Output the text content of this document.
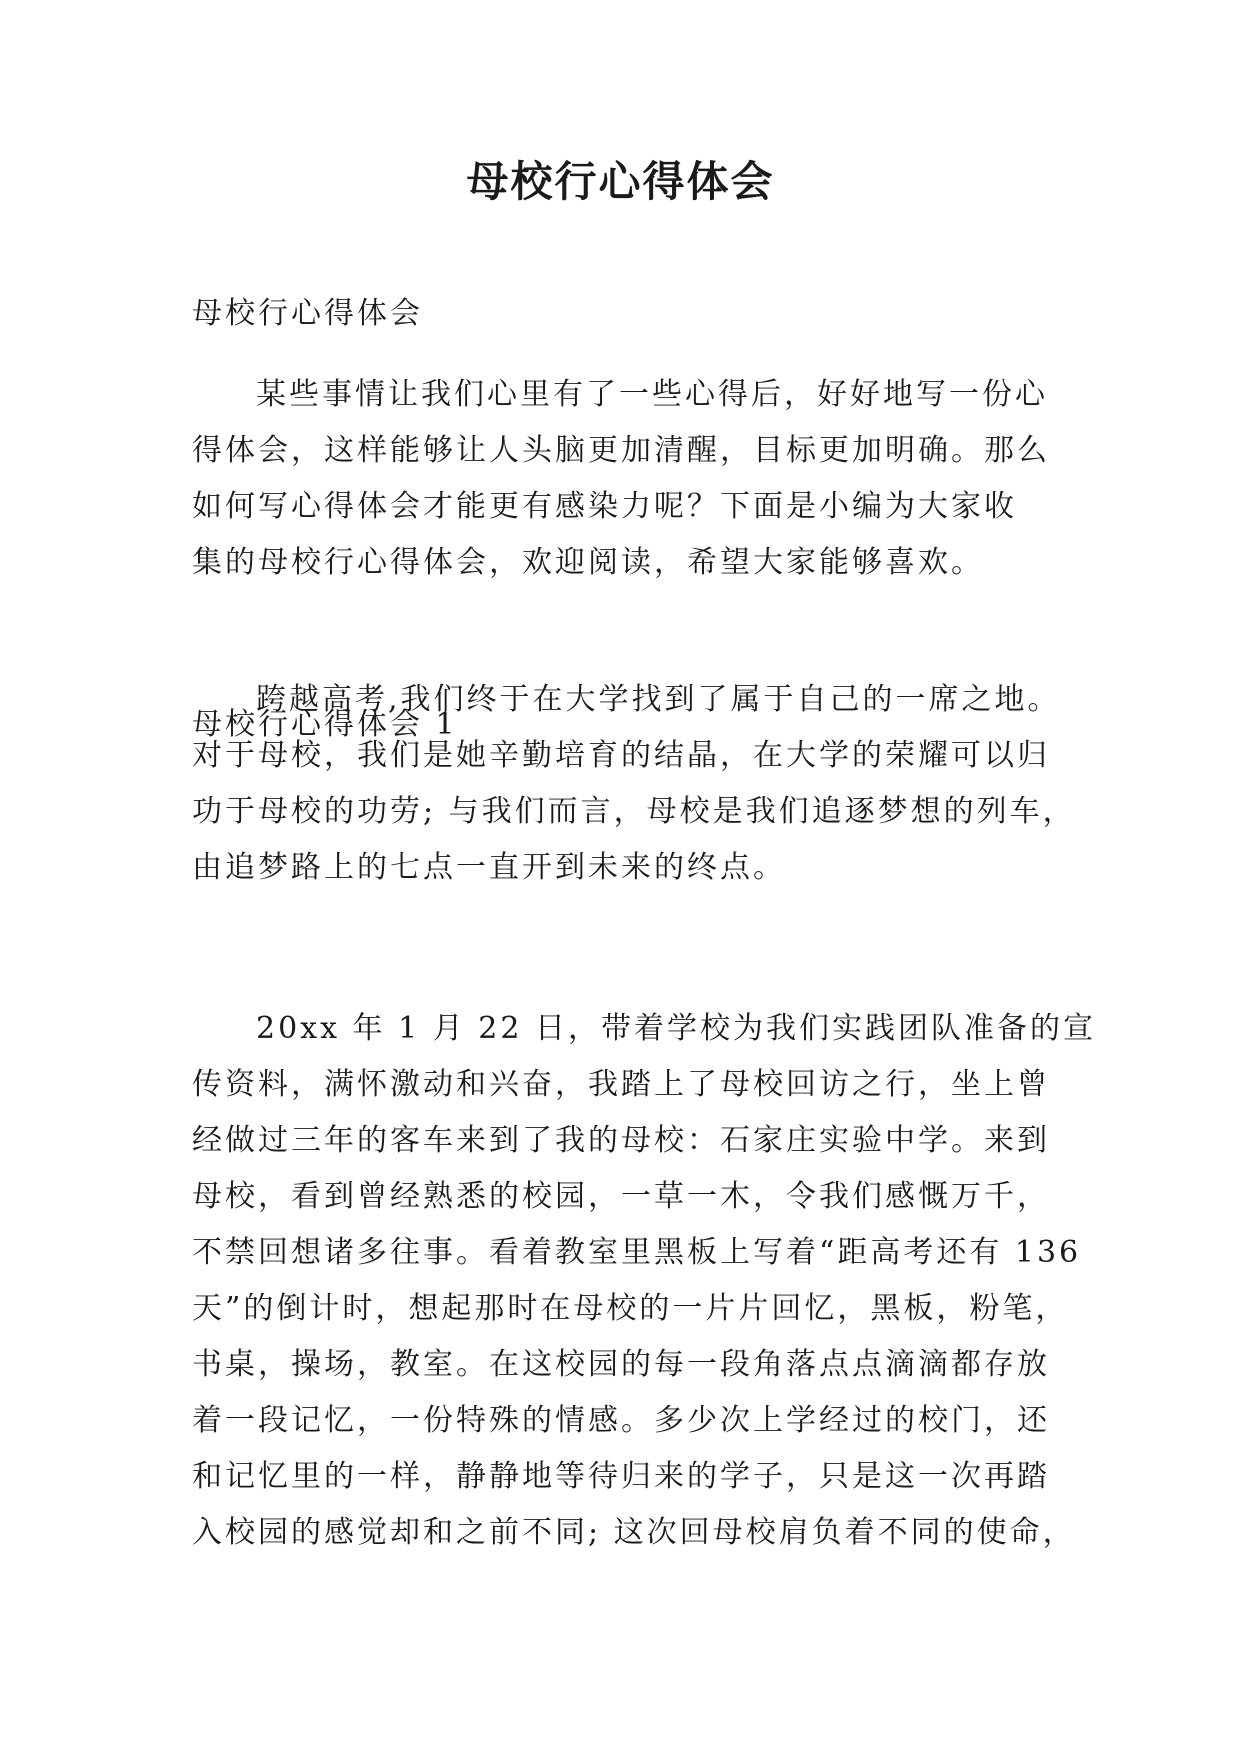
母校行心得体会

母校行心得体会

某些事情让我们心里有了一些心得后，好好地写一份心
得体会，这样能够让人头脑更加清醒，目标更加明确。那么
如何写心得体会才能更有感染力呢？下面是小编为大家收
集的母校行心得体会，欢迎阅读，希望大家能够喜欢。

母校行心得体会 1

跨越高考,我们终于在大学找到了属于自己的一席之地。
对于母校，我们是她辛勤培育的结晶，在大学的荣耀可以归
功于母校的功劳; 与我们而言，母校是我们追逐梦想的列车，
由追梦路上的七点一直开到未来的终点。

20xx 年 1 月 22 日，带着学校为我们实践团队准备的宣
传资料，满怀激动和兴奋，我踏上了母校回访之行，坐上曾
经做过三年的客车来到了我的母校：石家庄实验中学。来到
母校，看到曾经熟悉的校园，一草一木，令我们感慨万千，
不禁回想诸多往事。看着教室里黑板上写着“距高考还有 136
天”的倒计时，想起那时在母校的一片片回忆，黑板，粉笔，
书桌，操场，教室。在这校园的每一段角落点点滴滴都存放
着一段记忆，一份特殊的情感。多少次上学经过的校门，还
和记忆里的一样，静静地等待归来的学子，只是这一次再踏
入校园的感觉却和之前不同; 这次回母校肩负着不同的使命，
